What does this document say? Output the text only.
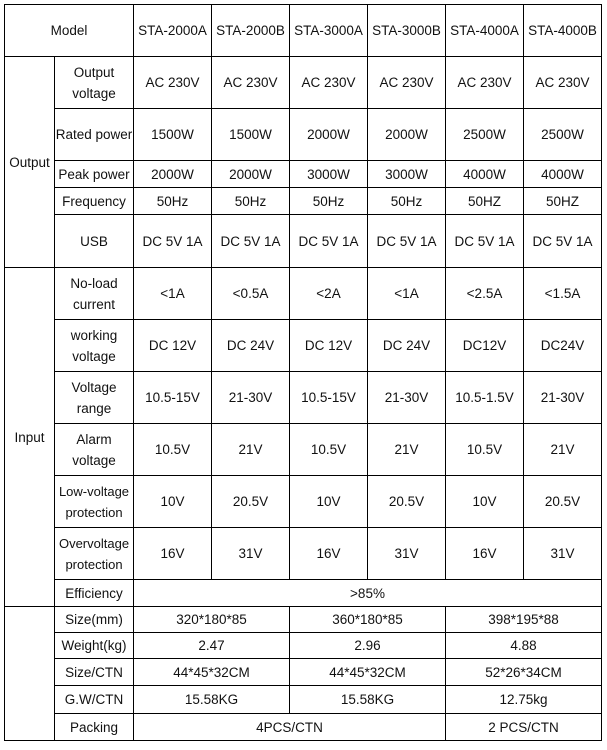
Model		STA-2000A	STA-2000B	STA-3000A	STA-3000B	STA-4000A	STA-4000B
Output	Output voltage	AC 230V	AC 230V	AC 230V	AC 230V	AC 230V	AC 230V
	Rated power	1500W	1500W	2000W	2000W	2500W	2500W
	Peak power	2000W	2000W	3000W	3000W	4000W	4000W
	Frequency	50Hz	50Hz	50Hz	50Hz	50HZ	50HZ
	USB	DC 5V 1A	DC 5V 1A	DC 5V 1A	DC 5V 1A	DC 5V 1A	DC 5V 1A
Input	No-load current	<1A	<0.5A	<2A	<1A	<2.5A	<1.5A
	working voltage	DC 12V	DC 24V	DC 12V	DC 24V	DC12V	DC24V
	Voltage range	10.5-15V	21-30V	10.5-15V	21-30V	10.5-1.5V	21-30V
	Alarm voltage	10.5V	21V	10.5V	21V	10.5V	21V
	Low-voltage protection	10V	20.5V	10V	20.5V	10V	20.5V
	Overvoltage protection	16V	31V	16V	31V	16V	31V
	Efficiency	>85%					
	Size(mm)	320*180*85		360*180*85		398*195*88	
	Weight(kg)	2.47		2.96		4.88	
	Size/CTN	44*45*32CM		44*45*32CM		52*26*34CM	
	G.W/CTN	15.58KG		15.58KG		12.75kg	
	Packing	4PCS/CTN				2 PCS/CTN	
